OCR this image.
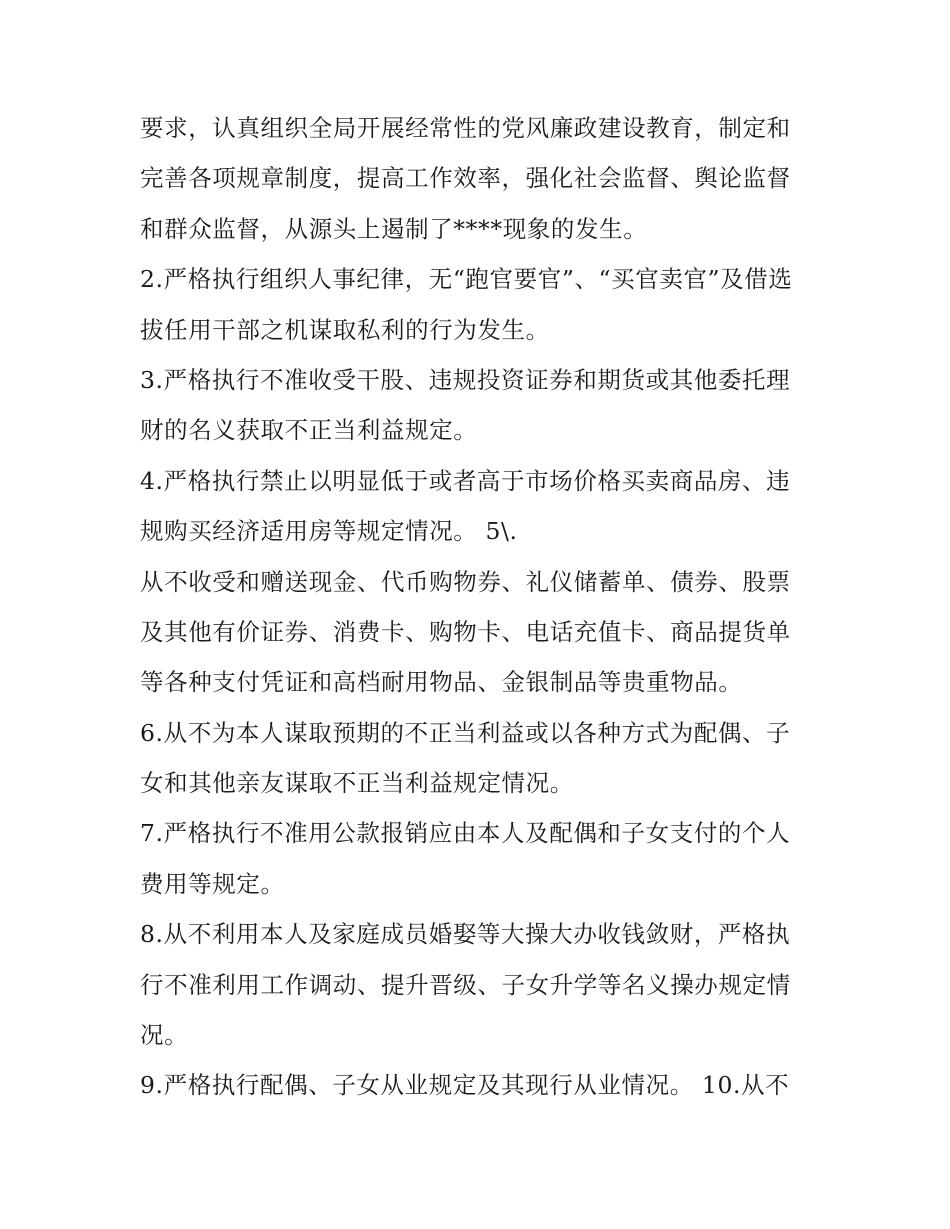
要求，认真组织全局开展经常性的党风廉政建设教育，制定和
完善各项规章制度，提高工作效率，强化社会监督、舆论监督
和群众监督，从源头上遏制了****现象的发生。
2.严格执行组织人事纪律，无“跑官要官”、“买官卖官”及借选
拔任用干部之机谋取私利的行为发生。
3.严格执行不准收受干股、违规投资证券和期货或其他委托理
财的名义获取不正当利益规定。
4.严格执行禁止以明显低于或者高于市场价格买卖商品房、违
规购买经济适用房等规定情况。 5\.
从不收受和赠送现金、代币购物券、礼仪储蓄单、债券、股票
及其他有价证券、消费卡、购物卡、电话充值卡、商品提货单
等各种支付凭证和高档耐用物品、金银制品等贵重物品。
6.从不为本人谋取预期的不正当利益或以各种方式为配偶、子
女和其他亲友谋取不正当利益规定情况。
7.严格执行不准用公款报销应由本人及配偶和子女支付的个人
费用等规定。
8.从不利用本人及家庭成员婚娶等大操大办收钱敛财，严格执
行不准利用工作调动、提升晋级、子女升学等名义操办规定情
况。
9.严格执行配偶、子女从业规定及其现行从业情况。 10.从不
